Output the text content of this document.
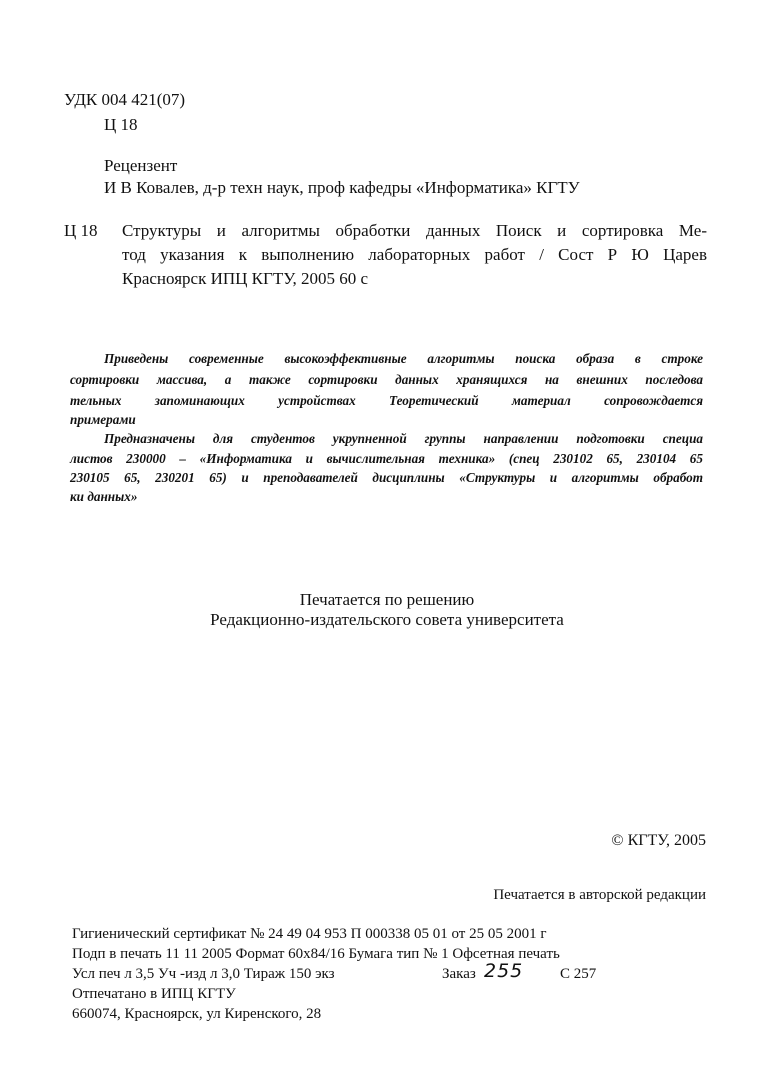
УДК 004 421(07)
Ц 18
Рецензент
И В Ковалев, д-р техн наук, проф кафедры «Информатика» КГТУ
Ц 18 Структуры и алгоритмы обработки данных Поиск и сортировка Ме-
тод указания к выполнению лабораторных работ / Сост Р Ю Царев
Красноярск ИПЦ КГТУ, 2005 60 с
Приведены современные высокоэффективные алгоритмы поиска образа в строке
сортировки массива, а также сортировки данных хранящихся на внешних последова
тельных запоминающих устройствах Теоретический материал сопровождается
примерами
Предназначены для студентов укрупненной группы направлении подготовки специа
листов 230000 – «Информатика и вычислительная техника» (спец 230102 65, 230104 65
230105 65, 230201 65) и преподавателей дисциплины «Структуры и алгоритмы обработ
ки данных»
Печатается по решению
Редакционно-издательского совета университета
© КГТУ, 2005
Печатается в авторской редакции
Гигиенический сертификат № 24 49 04 953 П 000338 05 01 от 25 05 2001 г
Подп в печать 11 11 2005 Формат 60х84/16 Бумага тип № 1 Офсетная печать
Усл печ л 3,5 Уч -изд л 3,0 Тираж 150 экз	Заказ 255 С 257
Отпечатано в ИПЦ КГТУ
660074, Красноярск, ул Киренского, 28
